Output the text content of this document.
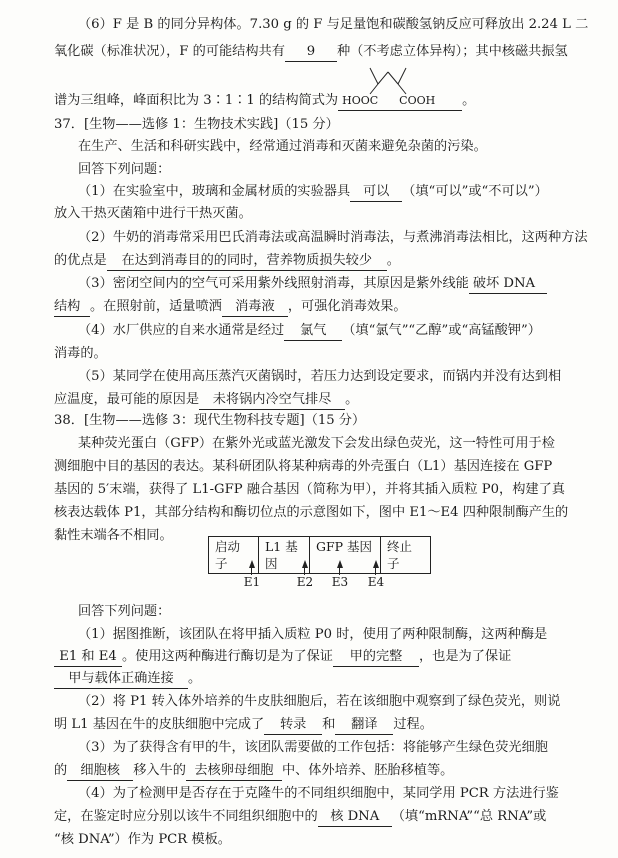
（6）F 是 B 的同分异构体。7.30 g 的 F 与足量饱和碳酸氢钠反应可释放出 2.24 L 二
氧化碳（标准状况），F 的可能结构共有 9 种（不考虑立体异构）；其中核磁共振氢
谱为三组峰，峰面积比为 3∶1∶1 的结构简式为 HOOC COOH 。
37．[生物——选修 1：生物技术实践]（15 分）
在生产、生活和科研实践中，经常通过消毒和灭菌来避免杂菌的污染。
回答下列问题：
（1）在实验室中，玻璃和金属材质的实验器具 可以 （填“可以”或“不可以”）
放入干热灭菌箱中进行干热灭菌。
（2）牛奶的消毒常采用巴氏消毒法或高温瞬时消毒法，与煮沸消毒法相比，这两种方法
的优点是 在达到消毒目的的同时，营养物质损失较少 。
（3）密闭空间内的空气可采用紫外线照射消毒，其原因是紫外线能 破坏 DNA
结构 。在照射前，适量喷洒 消毒液 ，可强化消毒效果。
（4）水厂供应的自来水通常是经过 氯气 （填“氯气”“乙醇”或“高锰酸钾”）
消毒的。
（5）某同学在使用高压蒸汽灭菌锅时，若压力达到设定要求，而锅内并没有达到相
应温度，最可能的原因是 未将锅内冷空气排尽 。
38．[生物——选修 3：现代生物科技专题]（15 分）
某种荧光蛋白（GFP）在紫外光或蓝光激发下会发出绿色荧光，这一特性可用于检
测细胞中目的基因的表达。某科研团队将某种病毒的外壳蛋白（L1）基因连接在 GFP
基因的 5′末端，获得了 L1-GFP 融合基因（简称为甲），并将其插入质粒 P0，构建了真
核表达载体 P1，其部分结构和酶切位点的示意图如下，图中 E1～E4 四种限制酶产生的
黏性末端各不相同。
启动子
L1 基因
GFP 基因	终止子
E1	E2	E3	E4
回答下列问题：
（1）据图推断，该团队在将甲插入质粒 P0 时，使用了两种限制酶，这两种酶是
E1 和 E4 。使用这两种酶进行酶切是为了保证 甲的完整 ，也是为了保证
甲与载体正确连接 。
（2）将 P1 转入体外培养的牛皮肤细胞后，若在该细胞中观察到了绿色荧光，则说
明 L1 基因在牛的皮肤细胞中完成了 转录 和 翻译 过程。
（3）为了获得含有甲的牛，该团队需要做的工作包括：将能够产生绿色荧光细胞
的 细胞核 移入牛的 去核卵母细胞 中、体外培养、胚胎移植等。
（4）为了检测甲是否存在于克隆牛的不同组织细胞中，某同学用 PCR 方法进行鉴
定，在鉴定时应分别以该牛不同组织细胞中的 核 DNA （填“mRNA”“总 RNA”或
“核 DNA”）作为 PCR 模板。
